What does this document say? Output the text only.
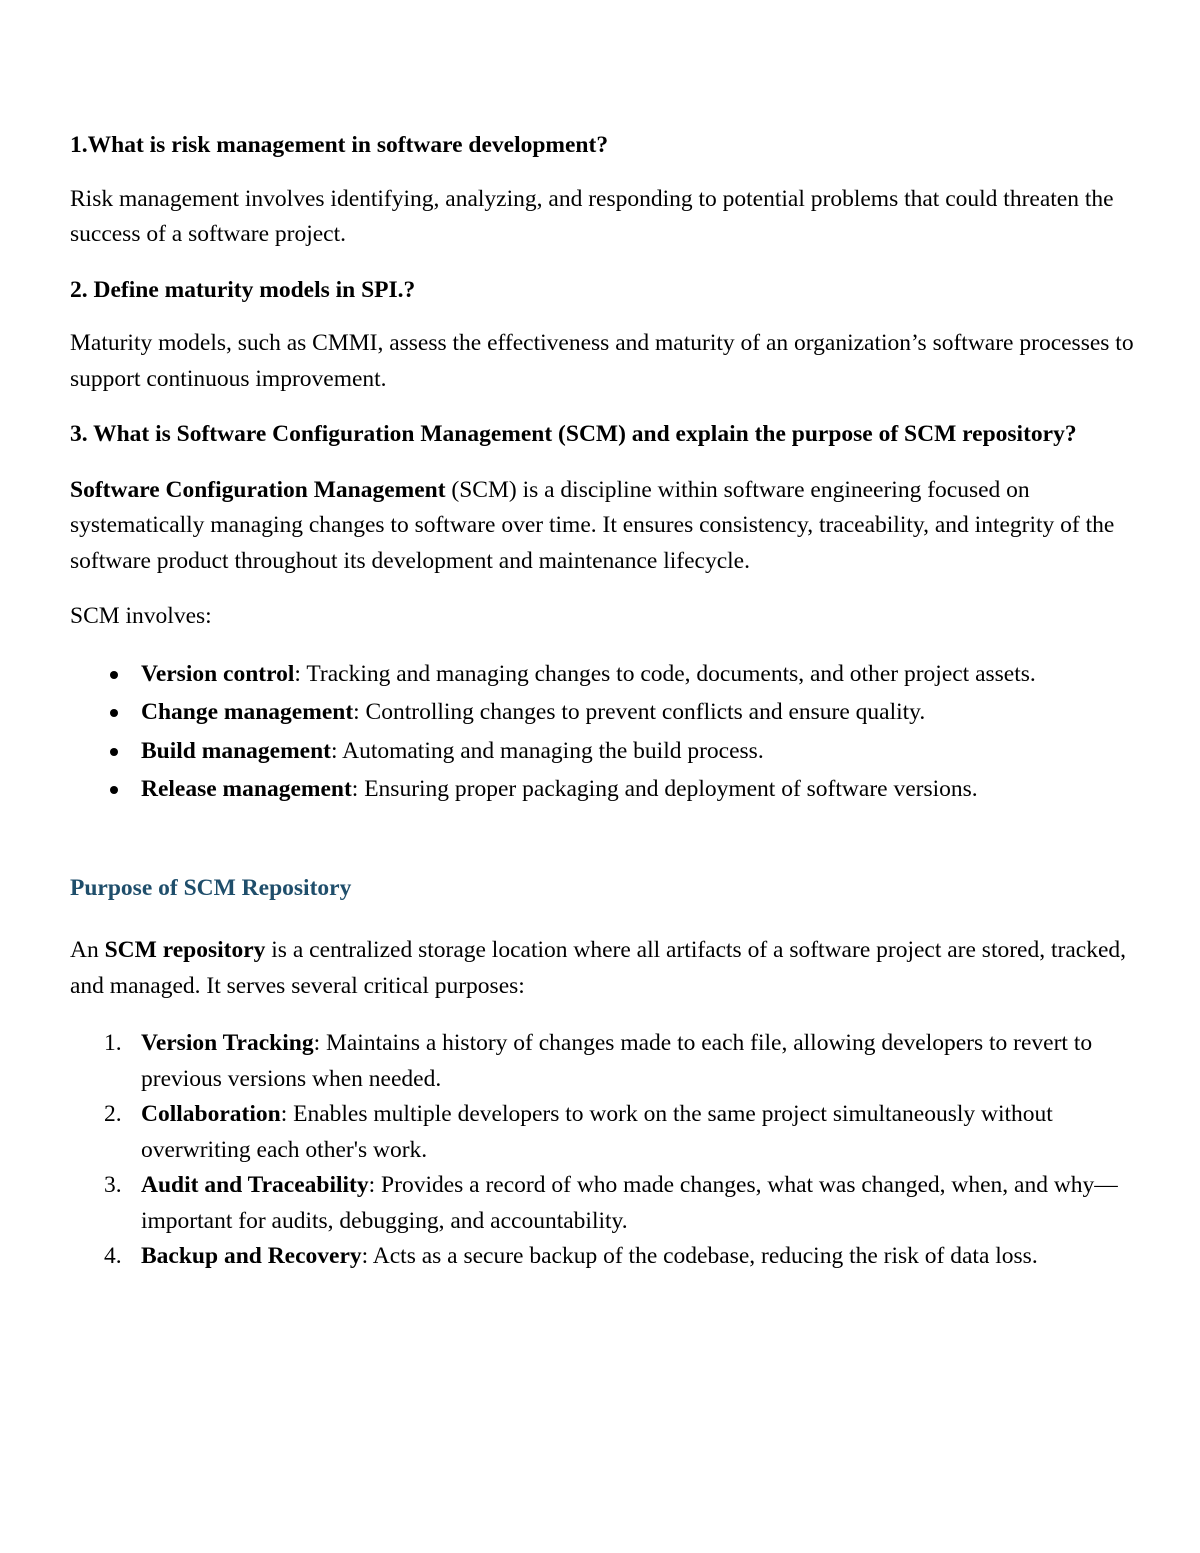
1.What is risk management in software development?

Risk management involves identifying, analyzing, and responding to potential problems that could threaten the success of a software project.

2. Define maturity models in SPI.?

Maturity models, such as CMMI, assess the effectiveness and maturity of an organization’s software processes to support continuous improvement.

3. What is Software Configuration Management (SCM) and explain the purpose of SCM repository?

Software Configuration Management (SCM) is a discipline within software engineering focused on systematically managing changes to software over time. It ensures consistency, traceability, and integrity of the software product throughout its development and maintenance lifecycle.

SCM involves:

Version control: Tracking and managing changes to code, documents, and other project assets.
Change management: Controlling changes to prevent conflicts and ensure quality.
Build management: Automating and managing the build process.
Release management: Ensuring proper packaging and deployment of software versions.
Purpose of SCM Repository

An SCM repository is a centralized storage location where all artifacts of a software project are stored, tracked, and managed. It serves several critical purposes:

1. Version Tracking: Maintains a history of changes made to each file, allowing developers to revert to previous versions when needed.
2. Collaboration: Enables multiple developers to work on the same project simultaneously without overwriting each other's work.
3. Audit and Traceability: Provides a record of who made changes, what was changed, when, and why—important for audits, debugging, and accountability.
4. Backup and Recovery: Acts as a secure backup of the codebase, reducing the risk of data loss.
